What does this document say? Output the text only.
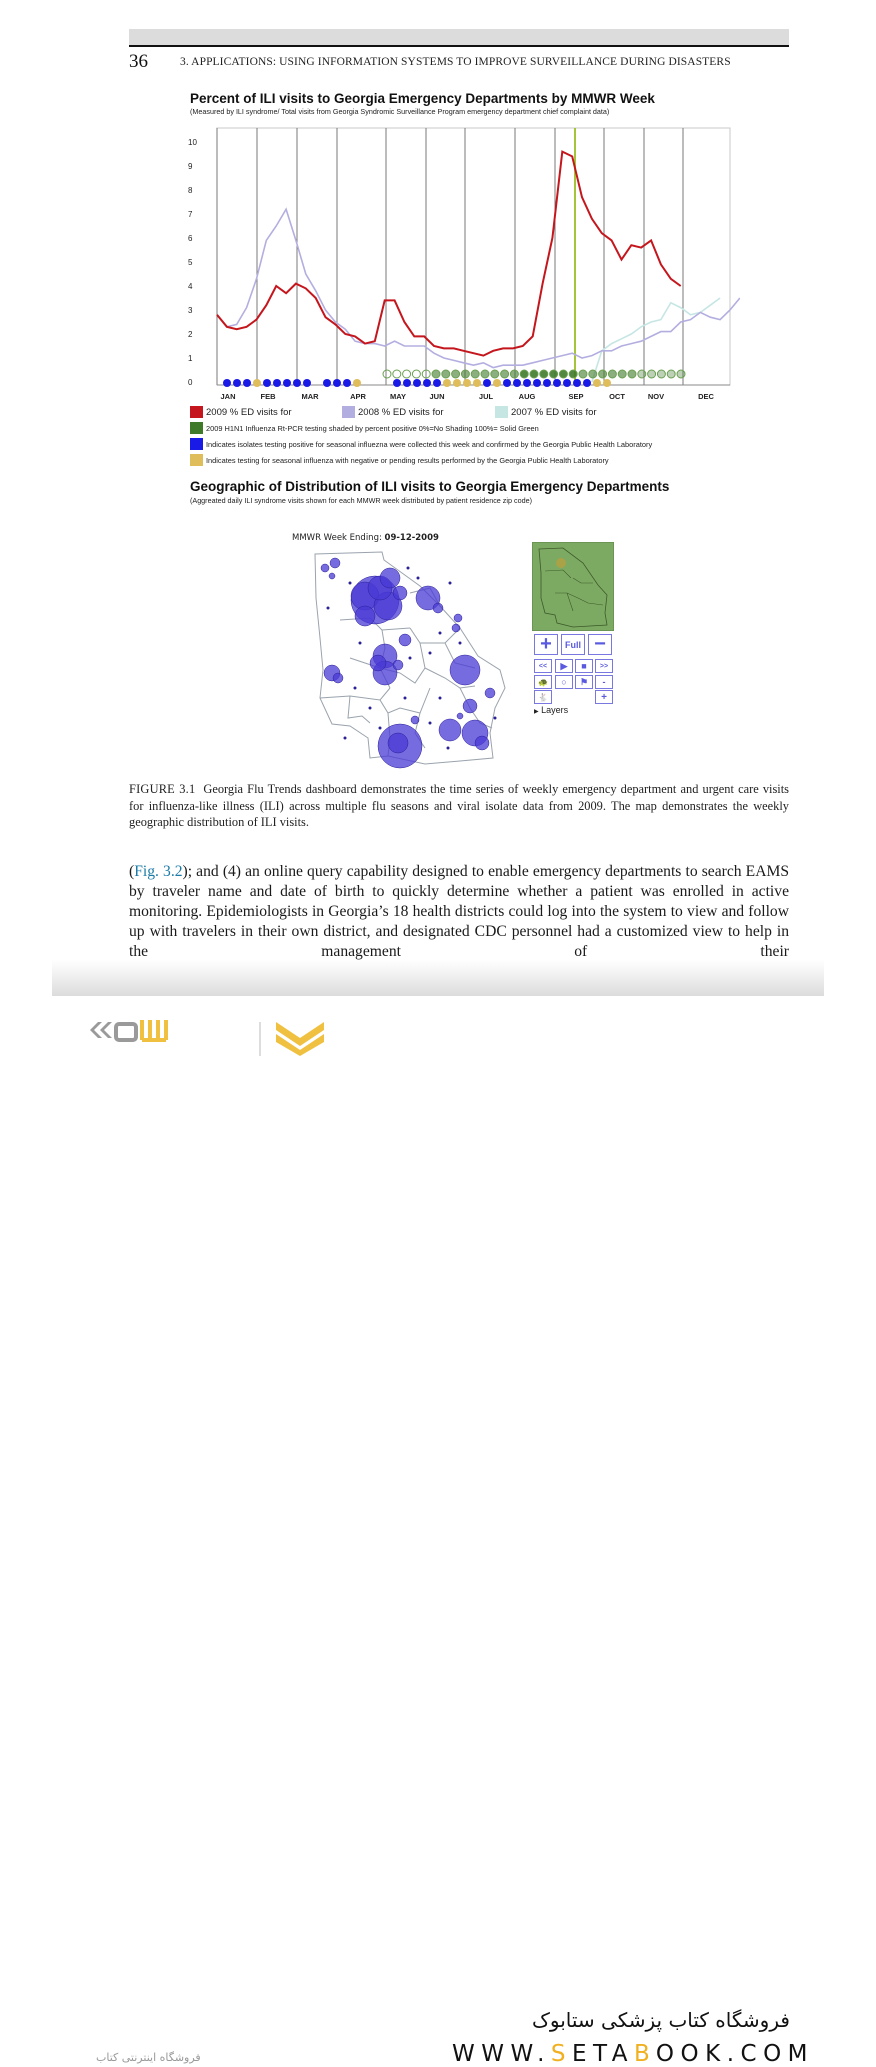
36	3. APPLICATIONS: USING INFORMATION SYSTEMS TO IMPROVE SURVEILLANCE DURING DISASTERS
Percent of ILI visits to Georgia Emergency Departments by MMWR Week
(Measured by ILI syndrome/ Total visits from Georgia Syndromic Surveillance Program emergency department chief complaint data)
0
1
2
3
4
5
6
7
8
9
10
JAN	FEB	MAR	APR	MAY	JUN	JUL	AUG	SEP	OCT	NOV	DEC
2009 % ED visits for	2008 % ED visits for	2007 % ED visits for
2009 H1N1 Influenza Rt-PCR testing shaded by percent positive 0%=No Shading 100%= Solid Green
Indicates isolates testing positive for seasonal influezna were collected this week and confirmed by the Georgia Public Health Laboratory
Indicates testing for seasonal influenza with negative or pending results performed by the Georgia Public Health Laboratory
Geographic of Distribution of ILI visits to Georgia Emergency Departments
(Aggreated daily ILI syndrome visits shown for each MMWR week distributed by patient residence zip code)
MMWR Week Ending: 09-12-2009
+	Full −
<<	▶	■	>>
🐢 ○ ⚑	-
🐇	+
▶ Layers
FIGURE 3.1 Georgia Flu Trends dashboard demonstrates the time series of weekly emergency department and urgent care visits for influenza-like illness (ILI) across multiple flu seasons and viral isolate data from 2009. The map demonstrates the weekly geographic distribution of ILI visits.
(Fig. 3.2); and (4) an online query capability designed to enable emergency departments to search EAMS by traveler name and date of birth to quickly determine whether a patient was enrolled in active monitoring. Epidemiologists in Georgia’s 18 health districts could log into the system to view and follow up with travelers in their own district, and designated CDC personnel had a customized view to help in the management of their
فروشگاه اینترنتی کتاب
فروشگاه کتاب پزشکی ستابوک
WWW.SETABOOK.COM
